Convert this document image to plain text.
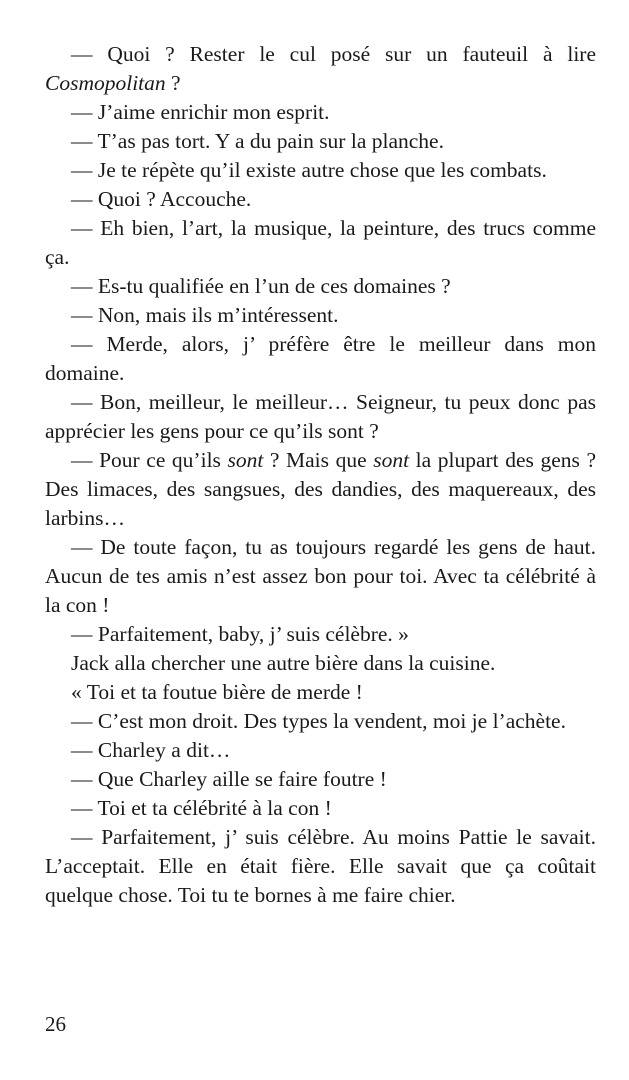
— Quoi ? Rester le cul posé sur un fauteuil à lire Cosmopolitan ?

— J’aime enrichir mon esprit.

— T’as pas tort. Y a du pain sur la planche.

— Je te répète qu’il existe autre chose que les combats.

— Quoi ? Accouche.

— Eh bien, l’art, la musique, la peinture, des trucs comme ça.

— Es-tu qualifiée en l’un de ces domaines ?

— Non, mais ils m’intéressent.

— Merde, alors, j’ préfère être le meilleur dans mon domaine.

— Bon, meilleur, le meilleur… Seigneur, tu peux donc pas apprécier les gens pour ce qu’ils sont ?

— Pour ce qu’ils sont ? Mais que sont la plupart des gens ? Des limaces, des sangsues, des dandies, des maquereaux, des larbins…

— De toute façon, tu as toujours regardé les gens de haut. Aucun de tes amis n’est assez bon pour toi. Avec ta célébrité à la con !

— Parfaitement, baby, j’ suis célèbre. »

Jack alla chercher une autre bière dans la cuisine.

« Toi et ta foutue bière de merde !

— C’est mon droit. Des types la vendent, moi je l’achète.

— Charley a dit…

— Que Charley aille se faire foutre !

— Toi et ta célébrité à la con !

— Parfaitement, j’ suis célèbre. Au moins Pattie le savait. L’acceptait. Elle en était fière. Elle savait que ça coûtait quelque chose. Toi tu te bornes à me faire chier.

26
